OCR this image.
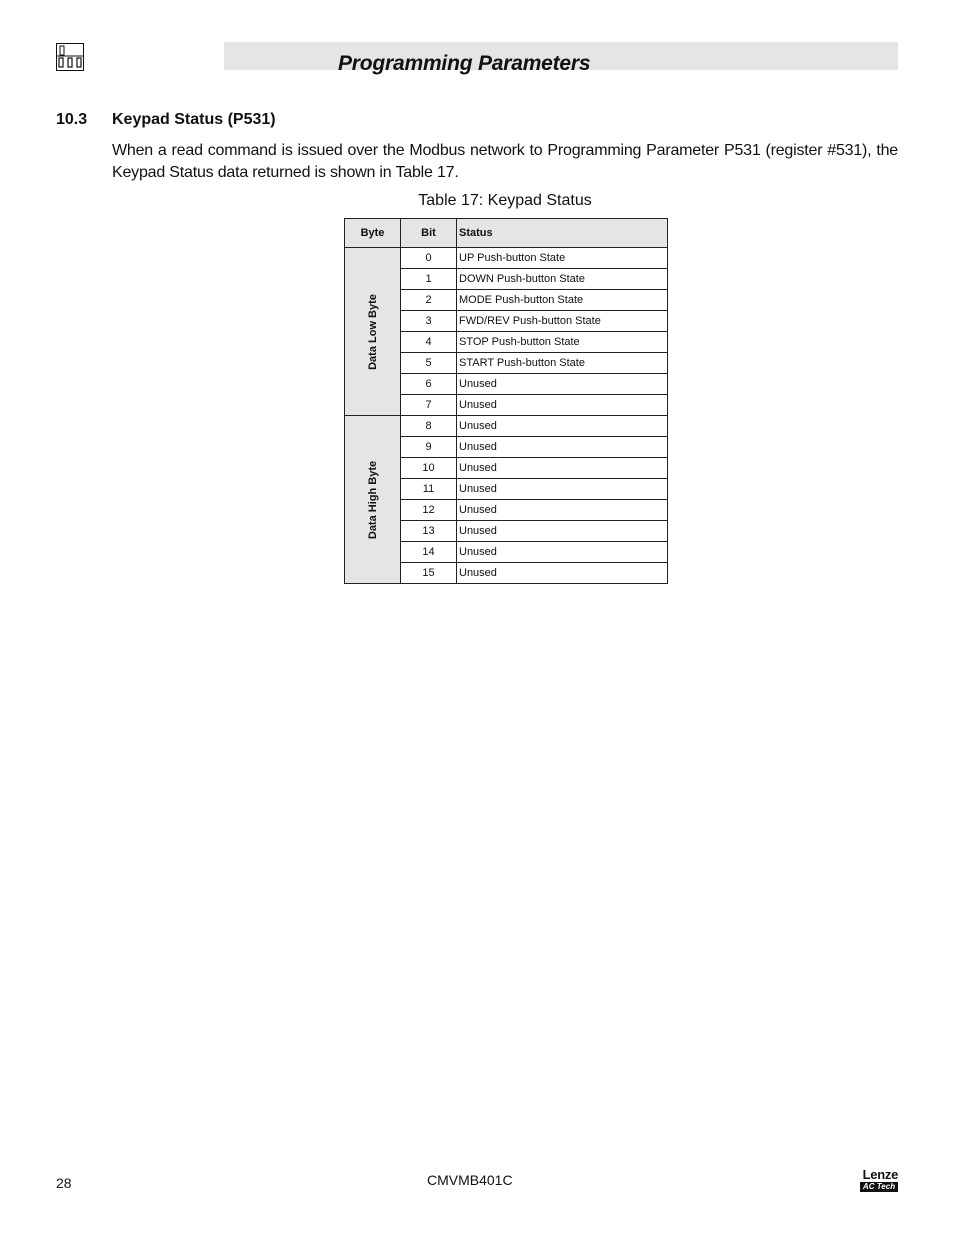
Programming Parameters
10.3 Keypad Status (P531)
When a read command is issued over the Modbus network to Programming Parameter P531 (register #531), the Keypad Status data returned is shown in Table 17.
Table 17: Keypad Status
Byte	Bit	Status

Data Low Byte	0	UP Push-button State
	1	DOWN Push-button State
	2	MODE Push-button State
	3	FWD/REV Push-button State
	4	STOP Push-button State
	5	START Push-button State
	6	Unused
	7	Unused

Data High Byte	8	Unused
	9	Unused
	10	Unused
	11	Unused
	12	Unused
	13	Unused
	14	Unused
	15	Unused
28	CMVMB401C	Lenze
AC Tech
